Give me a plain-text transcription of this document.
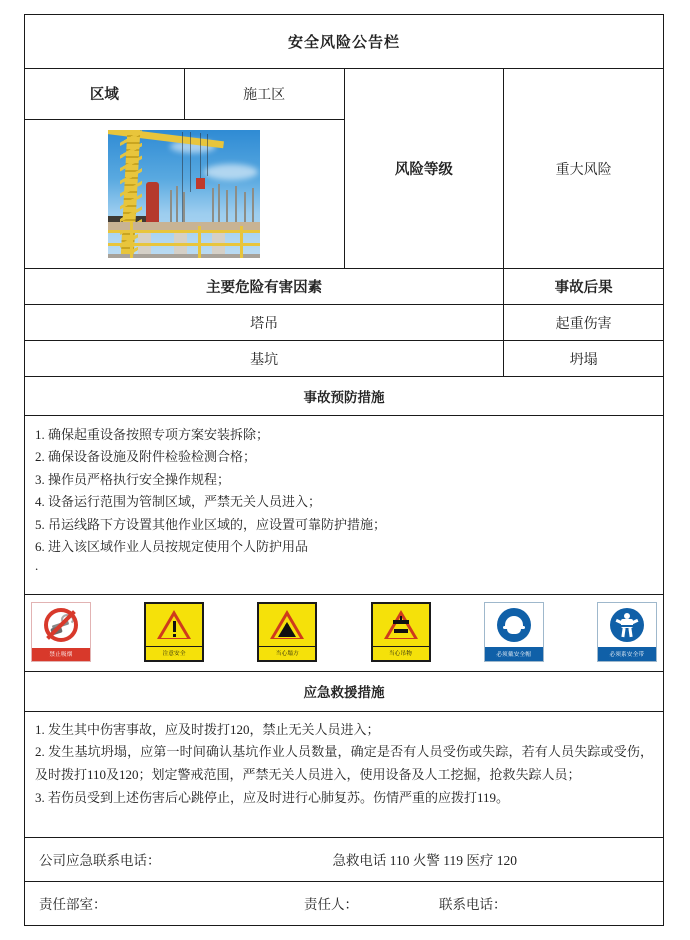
安全风险公告栏			
区域	施工区	风险等级	重大风险

主要危险有害因素			事故后果
塔吊			起重伤害
基坑			坍塌
事故预防措施			

1. 确保起重设备按照专项方案安装拆除；
2. 确保设备设施及附件检验检测合格；
3. 操作员严格执行安全操作规程；
4. 设备运行范围为管制区域，严禁无关人员进入；
5. 吊运线路下方设置其他作业区域的，应设置可靠防护措施；
6. 进入该区域作业人员按规定使用个人防护用品
.

禁止吸烟	注意安全	当心塌方	当心吊物	必须戴安全帽	必须系安全带

应急救援措施			

1. 发生其中伤害事故，应及时拨打120，禁止无关人员进入；
2. 发生基坑坍塌，应第一时间确认基坑作业人员数量，确定是否有人员受伤或失踪，若有人员失踪或受伤，及时拨打110及120；划定警戒范围，严禁无关人员进入，使用设备及人工挖掘，抢救失踪人员；
3. 若伤员受到上述伤害后心跳停止，应及时进行心肺复苏。伤情严重的应拨打119。			

公司应急联系电话： 急救电话 110 火警 119 医疗 120			

责任部室： 责任人： 联系电话：			
